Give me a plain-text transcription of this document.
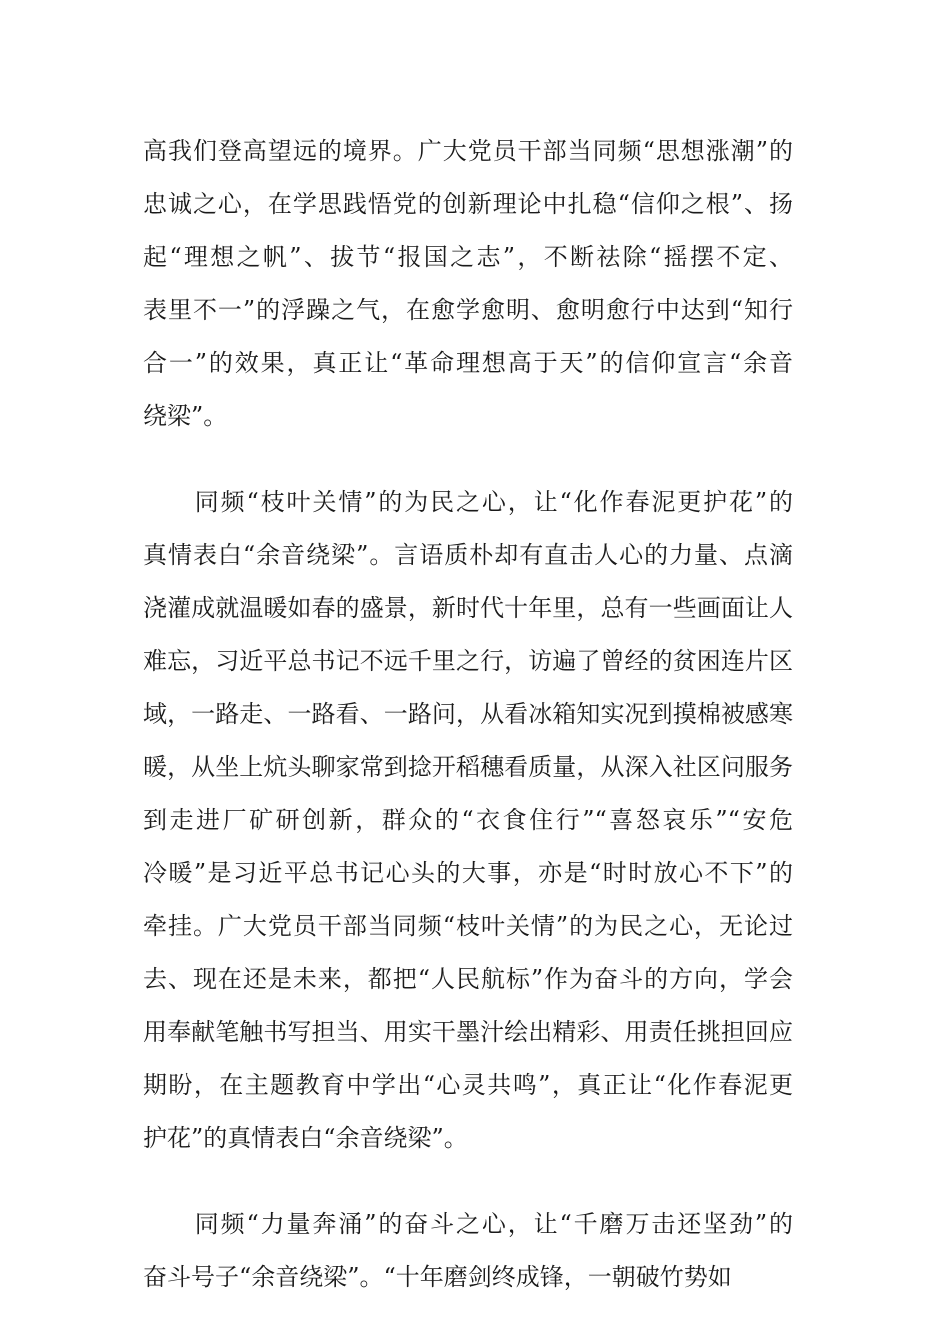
高我们登高望远的境界。广大党员干部当同频“思想涨潮”的
忠诚之心，在学思践悟党的创新理论中扎稳“信仰之根”、扬
起“理想之帆”、拔节“报国之志”，不断祛除“摇摆不定、
表里不一”的浮躁之气，在愈学愈明、愈明愈行中达到“知行
合一”的效果，真正让“革命理想高于天”的信仰宣言“余音
绕梁”。
　　同频“枝叶关情”的为民之心，让“化作春泥更护花”的
真情表白“余音绕梁”。言语质朴却有直击人心的力量、点滴
浇灌成就温暖如春的盛景，新时代十年里，总有一些画面让人
难忘，习近平总书记不远千里之行，访遍了曾经的贫困连片区
域，一路走、一路看、一路问，从看冰箱知实况到摸棉被感寒
暖，从坐上炕头聊家常到捻开稻穗看质量，从深入社区问服务
到走进厂矿研创新，群众的“衣食住行”“喜怒哀乐”“安危
冷暖”是习近平总书记心头的大事，亦是“时时放心不下”的
牵挂。广大党员干部当同频“枝叶关情”的为民之心，无论过
去、现在还是未来，都把“人民航标”作为奋斗的方向，学会
用奉献笔触书写担当、用实干墨汁绘出精彩、用责任挑担回应
期盼，在主题教育中学出“心灵共鸣”，真正让“化作春泥更
护花”的真情表白“余音绕梁”。
　　同频“力量奔涌”的奋斗之心，让“千磨万击还坚劲”的
奋斗号子“余音绕梁”。“十年磨剑终成锋，一朝破竹势如
